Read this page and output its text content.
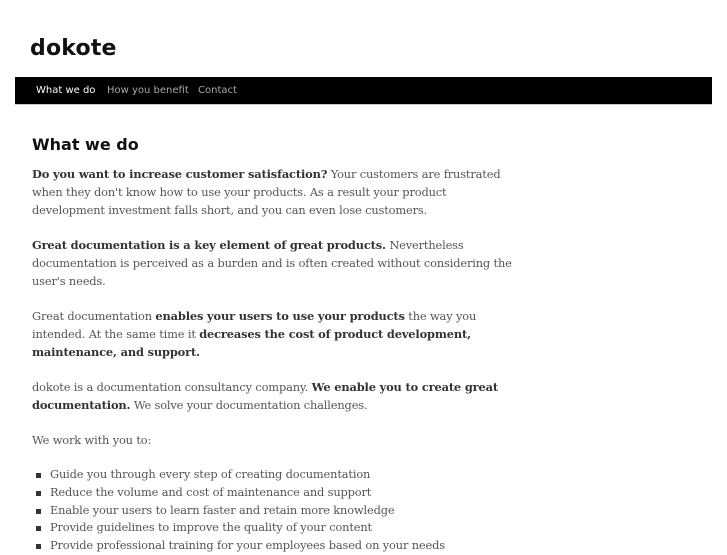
dokote
What we do How you benefit Contact
What we do

Do you want to increase customer satisfaction? Your customers are frustrated when they don't know how to use your products. As a result your product development investment falls short, and you can even lose customers.

Great documentation is a key element of great products. Nevertheless documentation is perceived as a burden and is often created without considering the user's needs.

Great documentation enables your users to use your products the way you intended. At the same time it decreases the cost of product development, maintenance, and support.

dokote is a documentation consultancy company. We enable you to create great documentation. We solve your documentation challenges.

We work with you to:

Guide you through every step of creating documentation
Reduce the volume and cost of maintenance and support
Enable your users to learn faster and retain more knowledge
Provide guidelines to improve the quality of your content
Provide professional training for your employees based on your needs
